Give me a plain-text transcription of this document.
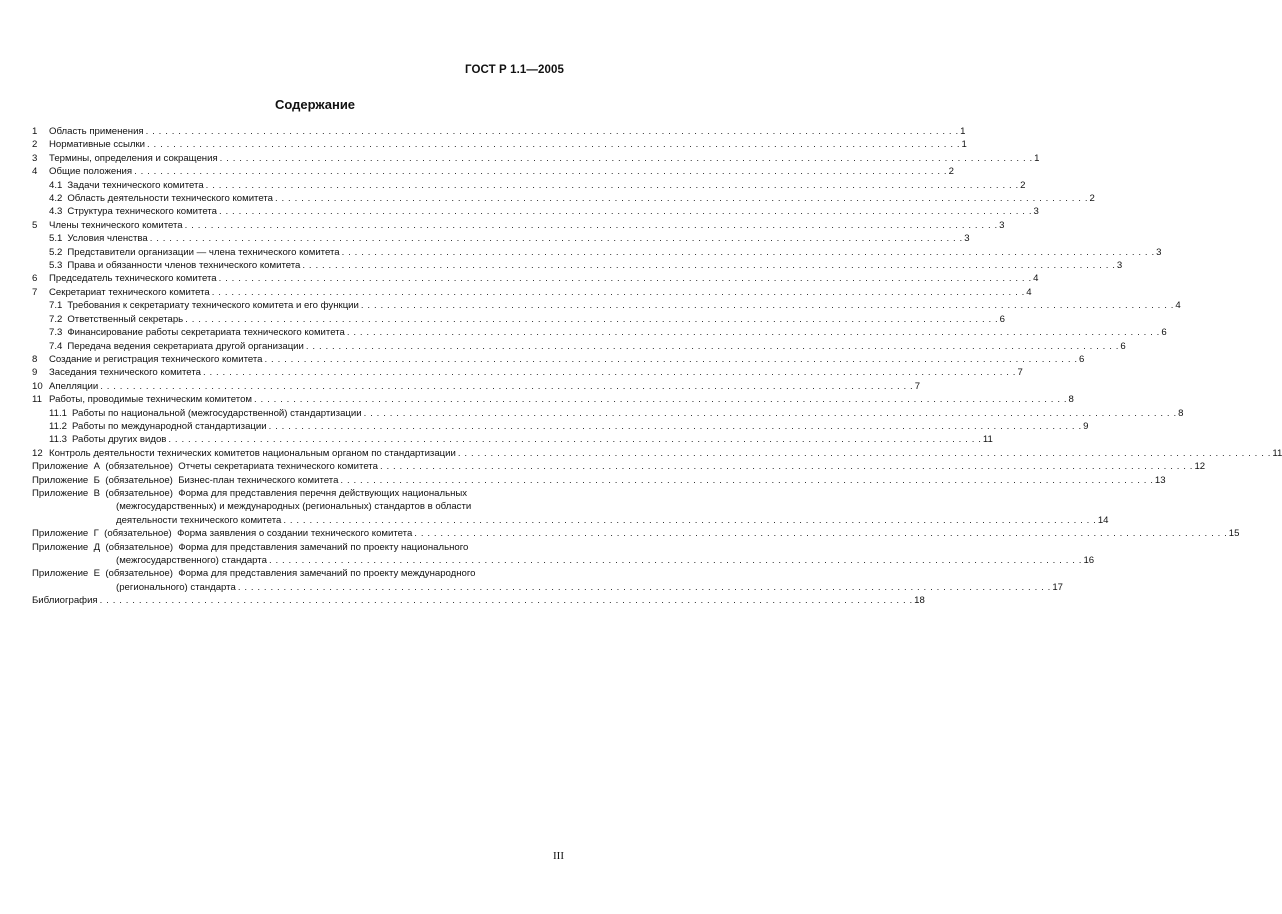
ГОСТ Р 1.1—2005
Содержание
1 Область применения . . .	1
2 Нормативные ссылки . . .	1
3 Термины, определения и сокращения . . .	1
4 Общие положения . . .	2
4.1 Задачи технического комитета . . .	2
4.2 Область деятельности технического комитета . . .	2
4.3 Структура технического комитета . . .	3
5 Члены технического комитета . . .	3
5.1 Условия членства . . .	3
5.2 Представители организации — члена технического комитета . . .	3
5.3 Права и обязанности членов технического комитета . . .	3
6 Председатель технического комитета . . .	4
7 Секретариат технического комитета . . .	4
7.1 Требования к секретариату технического комитета и его функции . . .	4
7.2 Ответственный секретарь . . .	6
7.3 Финансирование работы секретариата технического комитета . . .	6
7.4 Передача ведения секретариата другой организации . . .	6
8 Создание и регистрация технического комитета . . .	6
9 Заседания технического комитета . . .	7
10 Апелляции . . .	7
11 Работы, проводимые техническим комитетом . . .	8
11.1 Работы по национальной (межгосударственной) стандартизации . . .	8
11.2 Работы по международной стандартизации . . .	9
11.3 Работы других видов . . .	11
12 Контроль деятельности технических комитетов национальным органом по стандартизации . . .	11
Приложение  А (обязательное)  Отчеты секретариата технического комитета . . .	12
Приложение  Б (обязательное)  Бизнес-план технического комитета . . .	13
Приложение  В (обязательное)  Форма для представления перечня действующих национальных
(межгосударственных) и международных (региональных) стандартов в области
деятельности технического комитета . . .	14
Приложение  Г (обязательное)  Форма заявления о создании технического комитета . . .	15
Приложение  Д (обязательное)  Форма для представления замечаний по проекту национального
(межгосударственного) стандарта . . .	16
Приложение  Е (обязательное)  Форма для представления замечаний по проекту международного
(регионального) стандарта . . .	17
Библиография . . .	18
III
